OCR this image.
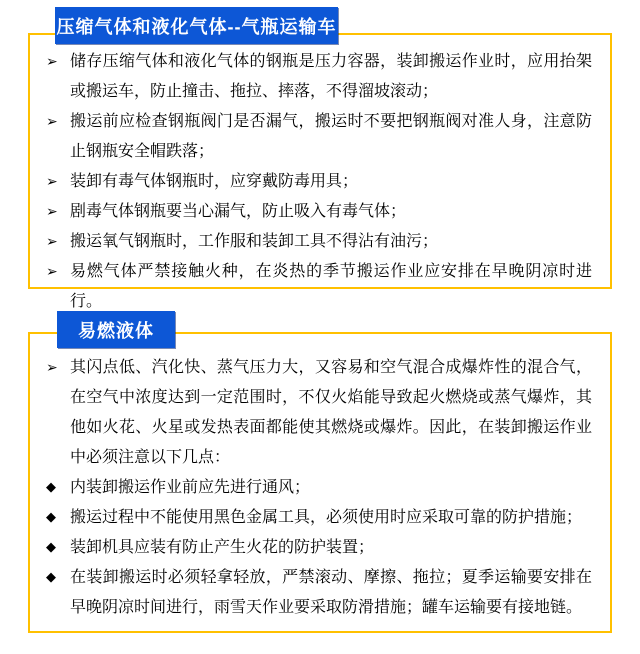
压缩气体和液化气体--气瓶运输车
➢ 储存压缩气体和液化气体的钢瓶是压力容器，装卸搬运作业时，应用抬架或搬运车，防止撞击、拖拉、摔落，不得溜坡滚动；
➢ 搬运前应检查钢瓶阀门是否漏气，搬运时不要把钢瓶阀对准人身，注意防止钢瓶安全帽跌落；
➢ 装卸有毒气体钢瓶时，应穿戴防毒用具；
➢ 剧毒气体钢瓶要当心漏气，防止吸入有毒气体；
➢ 搬运氧气钢瓶时，工作服和装卸工具不得沾有油污；
➢ 易燃气体严禁接触火种，在炎热的季节搬运作业应安排在早晚阴凉时进行。
易燃液体
➢ 其闪点低、汽化快、蒸气压力大，又容易和空气混合成爆炸性的混合气，在空气中浓度达到一定范围时，不仅火焰能导致起火燃烧或蒸气爆炸，其他如火花、火星或发热表面都能使其燃烧或爆炸。因此，在装卸搬运作业中必须注意以下几点：
◆ 内装卸搬运作业前应先进行通风；
◆ 搬运过程中不能使用黑色金属工具，必须使用时应采取可靠的防护措施；
◆ 装卸机具应装有防止产生火花的防护装置；
◆ 在装卸搬运时必须轻拿轻放，严禁滚动、摩擦、拖拉；夏季运输要安排在早晚阴凉时间进行，雨雪天作业要采取防滑措施；罐车运输要有接地链。
